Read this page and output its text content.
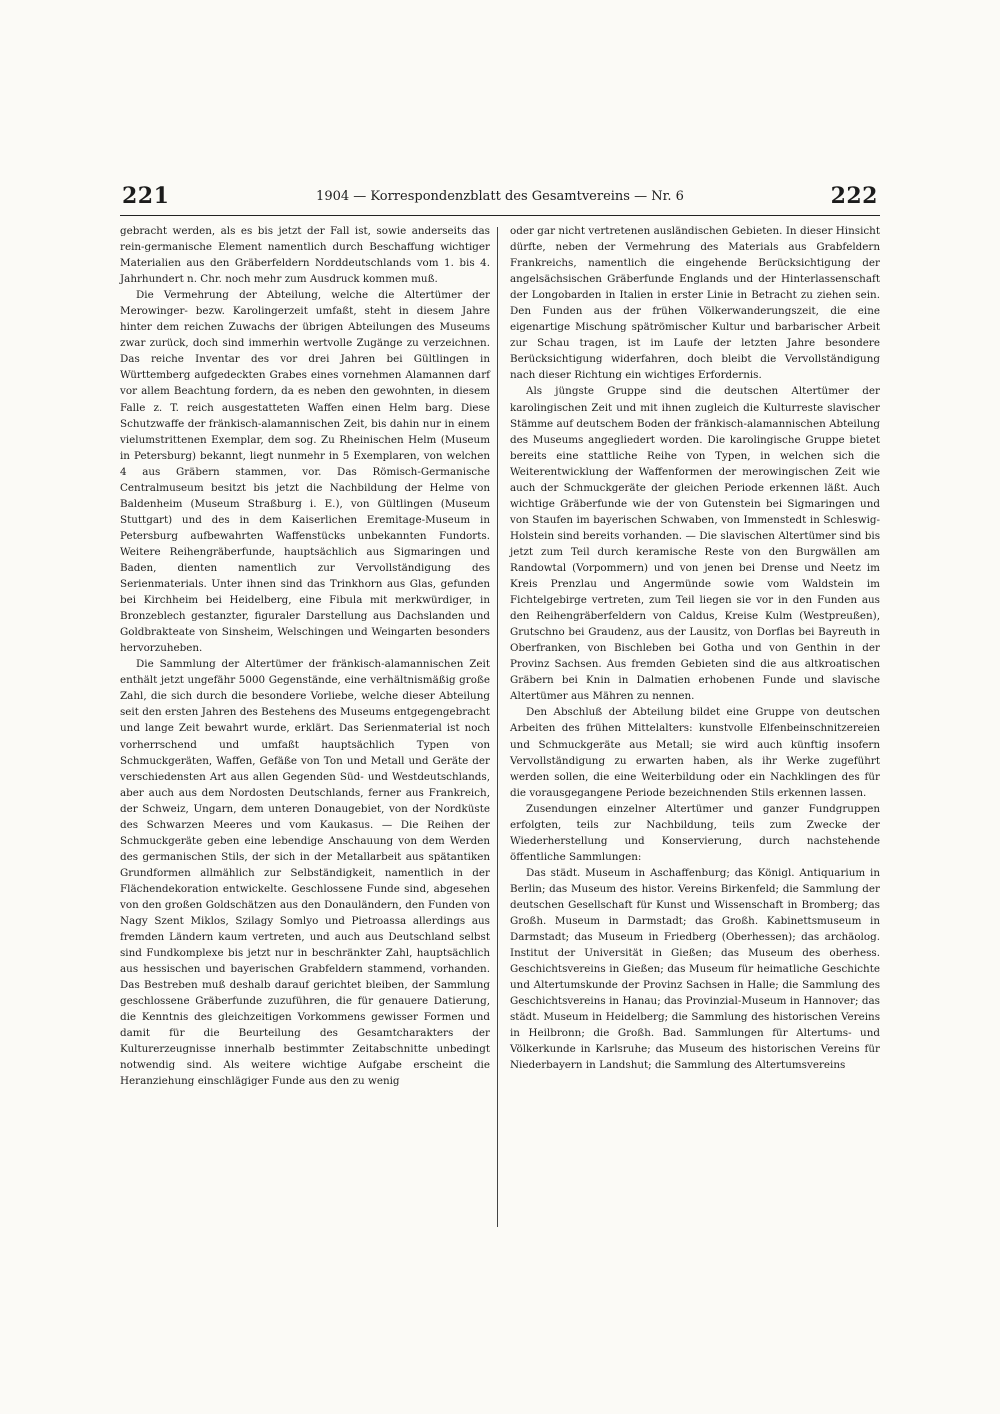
221	1904 — Korrespondenzblatt des Gesamtvereins — Nr. 6	222

gebracht werden, als es bis jetzt der Fall ist, sowie anderseits das rein-germanische Element namentlich durch Beschaffung wichtiger Materialien aus den Gräberfeldern Norddeutschlands vom 1. bis 4. Jahrhundert n. Chr. noch mehr zum Ausdruck kommen muß.

Die Vermehrung der Abteilung, welche die Altertümer der Merowinger- bezw. Karolingerzeit umfaßt, steht in diesem Jahre hinter dem reichen Zuwachs der übrigen Abteilungen des Museums zwar zurück, doch sind immerhin wertvolle Zugänge zu verzeichnen. Das reiche Inventar des vor drei Jahren bei Gültlingen in Württemberg aufgedeckten Grabes eines vornehmen Alamannen darf vor allem Beachtung fordern, da es neben den gewohnten, in diesem Falle z. T. reich ausgestatteten Waffen einen Helm barg. Diese Schutzwaffe der fränkisch-alamannischen Zeit, bis dahin nur in einem vielumstrittenen Exemplar, dem sog. Zu Rheinischen Helm (Museum in Petersburg) bekannt, liegt nunmehr in 5 Exemplaren, von welchen 4 aus Gräbern stammen, vor. Das Römisch-Germanische Centralmuseum besitzt bis jetzt die Nachbildung der Helme von Baldenheim (Museum Straßburg i. E.), von Gültlingen (Museum Stuttgart) und des in dem Kaiserlichen Eremitage-Museum in Petersburg aufbewahrten Waffenstücks unbekannten Fundorts. Weitere Reihengräberfunde, hauptsächlich aus Sigmaringen und Baden, dienten namentlich zur Vervollständigung des Serienmaterials. Unter ihnen sind das Trinkhorn aus Glas, gefunden bei Kirchheim bei Heidelberg, eine Fibula mit merkwürdiger, in Bronzeblech gestanzter, figuraler Darstellung aus Dachslanden und Goldbrakteate von Sinsheim, Welschingen und Weingarten besonders hervorzuheben.

Die Sammlung der Altertümer der fränkisch-alamannischen Zeit enthält jetzt ungefähr 5000 Gegenstände, eine verhältnismäßig große Zahl, die sich durch die besondere Vorliebe, welche dieser Abteilung seit den ersten Jahren des Bestehens des Museums entgegengebracht und lange Zeit bewahrt wurde, erklärt. Das Serienmaterial ist noch vorherrschend und umfaßt hauptsächlich Typen von Schmuckgeräten, Waffen, Gefäße von Ton und Metall und Geräte der verschiedensten Art aus allen Gegenden Süd- und Westdeutschlands, aber auch aus dem Nordosten Deutschlands, ferner aus Frankreich, der Schweiz, Ungarn, dem unteren Donaugebiet, von der Nordküste des Schwarzen Meeres und vom Kaukasus. — Die Reihen der Schmuckgeräte geben eine lebendige Anschauung von dem Werden des germanischen Stils, der sich in der Metallarbeit aus spätantiken Grundformen allmählich zur Selbständigkeit, namentlich in der Flächendekoration entwickelte. Geschlossene Funde sind, abgesehen von den großen Goldschätzen aus den Donauländern, den Funden von Nagy Szent Miklos, Szilagy Somlyo und Pietroassa allerdings aus fremden Ländern kaum vertreten, und auch aus Deutschland selbst sind Fundkomplexe bis jetzt nur in beschränkter Zahl, hauptsächlich aus hessischen und bayerischen Grabfeldern stammend, vorhanden. Das Bestreben muß deshalb darauf gerichtet bleiben, der Sammlung geschlossene Gräberfunde zuzuführen, die für genauere Datierung, die Kenntnis des gleichzeitigen Vorkommens gewisser Formen und damit für die Beurteilung des Gesamtcharakters der Kulturerzeugnisse innerhalb bestimmter Zeitabschnitte unbedingt notwendig sind. Als weitere wichtige Aufgabe erscheint die Heranziehung einschlägiger Funde aus den zu wenig

oder gar nicht vertretenen ausländischen Gebieten. In dieser Hinsicht dürfte, neben der Vermehrung des Materials aus Grabfeldern Frankreichs, namentlich die eingehende Berücksichtigung der angelsächsischen Gräberfunde Englands und der Hinterlassenschaft der Longobarden in Italien in erster Linie in Betracht zu ziehen sein. Den Funden aus der frühen Völkerwanderungszeit, die eine eigenartige Mischung spätrömischer Kultur und barbarischer Arbeit zur Schau tragen, ist im Laufe der letzten Jahre besondere Berücksichtigung widerfahren, doch bleibt die Vervollständigung nach dieser Richtung ein wichtiges Erfordernis.

Als jüngste Gruppe sind die deutschen Altertümer der karolingischen Zeit und mit ihnen zugleich die Kulturreste slavischer Stämme auf deutschem Boden der fränkisch-alamannischen Abteilung des Museums angegliedert worden. Die karolingische Gruppe bietet bereits eine stattliche Reihe von Typen, in welchen sich die Weiterentwicklung der Waffenformen der merowingischen Zeit wie auch der Schmuckgeräte der gleichen Periode erkennen läßt. Auch wichtige Gräberfunde wie der von Gutenstein bei Sigmaringen und von Staufen im bayerischen Schwaben, von Immenstedt in Schleswig-Holstein sind bereits vorhanden. — Die slavischen Altertümer sind bis jetzt zum Teil durch keramische Reste von den Burgwällen am Randowtal (Vorpommern) und von jenen bei Drense und Neetz im Kreis Prenzlau und Angermünde sowie vom Waldstein im Fichtelgebirge vertreten, zum Teil liegen sie vor in den Funden aus den Reihengräberfeldern von Caldus, Kreise Kulm (Westpreußen), Grutschno bei Graudenz, aus der Lausitz, von Dorflas bei Bayreuth in Oberfranken, von Bischleben bei Gotha und von Genthin in der Provinz Sachsen. Aus fremden Gebieten sind die aus altkroatischen Gräbern bei Knin in Dalmatien erhobenen Funde und slavische Altertümer aus Mähren zu nennen.

Den Abschluß der Abteilung bildet eine Gruppe von deutschen Arbeiten des frühen Mittelalters: kunstvolle Elfenbeinschnitzereien und Schmuckgeräte aus Metall; sie wird auch künftig insofern Vervollständigung zu erwarten haben, als ihr Werke zugeführt werden sollen, die eine Weiterbildung oder ein Nachklingen des für die vorausgegangene Periode bezeichnenden Stils erkennen lassen.

Zusendungen einzelner Altertümer und ganzer Fundgruppen erfolgten, teils zur Nachbildung, teils zum Zwecke der Wiederherstellung und Konservierung, durch nachstehende öffentliche Sammlungen:

Das städt. Museum in Aschaffenburg; das Königl. Antiquarium in Berlin; das Museum des histor. Vereins Birkenfeld; die Sammlung der deutschen Gesellschaft für Kunst und Wissenschaft in Bromberg; das Großh. Museum in Darmstadt; das Großh. Kabinettsmuseum in Darmstadt; das Museum in Friedberg (Oberhessen); das archäolog. Institut der Universität in Gießen; das Museum des oberhess. Geschichtsvereins in Gießen; das Museum für heimatliche Geschichte und Altertumskunde der Provinz Sachsen in Halle; die Sammlung des Geschichtsvereins in Hanau; das Provinzial-Museum in Hannover; das städt. Museum in Heidelberg; die Sammlung des historischen Vereins in Heilbronn; die Großh. Bad. Sammlungen für Altertums- und Völkerkunde in Karlsruhe; das Museum des historischen Vereins für Niederbayern in Landshut; die Sammlung des Altertumsvereins
